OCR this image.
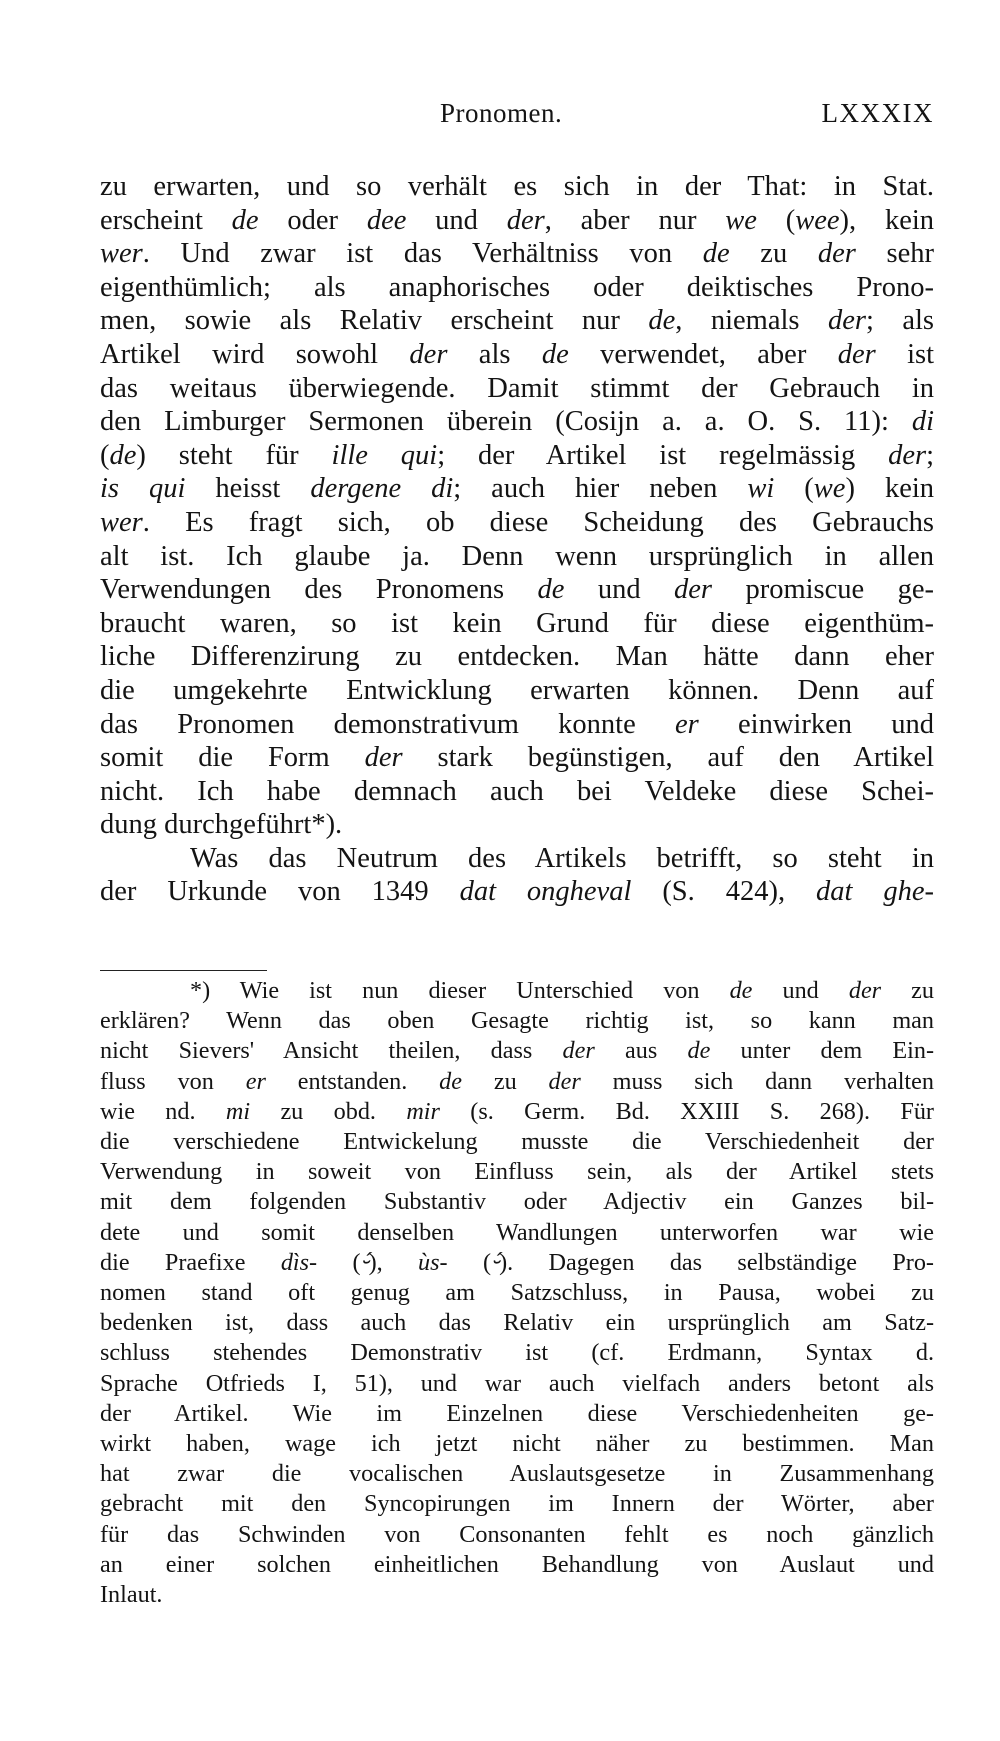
Pronomen.	LXXXIX

zu erwarten, und so verhält es sich in der That: in Stat.

erscheint de oder dee und der, aber nur we (wee), kein

wer. Und zwar ist das Verhältniss von de zu der sehr

eigenthümlich; als anaphorisches oder deiktisches Prono-

men, sowie als Relativ erscheint nur de, niemals der; als

Artikel wird sowohl der als de verwendet, aber der ist

das weitaus überwiegende. Damit stimmt der Gebrauch in

den Limburger Sermonen überein (Cosijn a. a. O. S. 11): di

(de) steht für ille qui; der Artikel ist regelmässig der;

is qui heisst dergene di; auch hier neben wi (we) kein

wer. Es fragt sich, ob diese Scheidung des Gebrauchs

alt ist. Ich glaube ja. Denn wenn ursprünglich in allen

Verwendungen des Pronomens de und der promiscue ge-

braucht waren, so ist kein Grund für diese eigenthüm-

liche Differenzirung zu entdecken. Man hätte dann eher

die umgekehrte Entwicklung erwarten können. Denn auf

das Pronomen demonstrativum konnte er einwirken und

somit die Form der stark begünstigen, auf den Artikel

nicht. Ich habe demnach auch bei Veldeke diese Schei-

dung durchgeführt*).

Was das Neutrum des Artikels betrifft, so steht in

der Urkunde von 1349 dat ongheval (S. 424), dat ghe-

*) Wie ist nun dieser Unterschied von de und der zu

erklären? Wenn das oben Gesagte richtig ist, so kann man

nicht Sievers' Ansicht theilen, dass der aus de unter dem Ein-

fluss von er entstanden. de zu der muss sich dann verhalten

wie nd. mi zu obd. mir (s. Germ. Bd. XXIII S. 268). Für

die verschiedene Entwickelung musste die Verschiedenheit der

Verwendung in soweit von Einfluss sein, als der Artikel stets

mit dem folgenden Substantiv oder Adjectiv ein Ganzes bil-

dete und somit denselben Wandlungen unterworfen war wie

die Praefixe dìs- (⏑́), ùs- (⏑́). Dagegen das selbständige Pro-

nomen stand oft genug am Satzschluss, in Pausa, wobei zu

bedenken ist, dass auch das Relativ ein ursprünglich am Satz-

schluss stehendes Demonstrativ ist (cf. Erdmann, Syntax d.

Sprache Otfrieds I, 51), und war auch vielfach anders betont als

der Artikel. Wie im Einzelnen diese Verschiedenheiten ge-

wirkt haben, wage ich jetzt nicht näher zu bestimmen. Man

hat zwar die vocalischen Auslautsgesetze in Zusammenhang

gebracht mit den Syncopirungen im Innern der Wörter, aber

für das Schwinden von Consonanten fehlt es noch gänzlich

an einer solchen einheitlichen Behandlung von Auslaut und

Inlaut.
